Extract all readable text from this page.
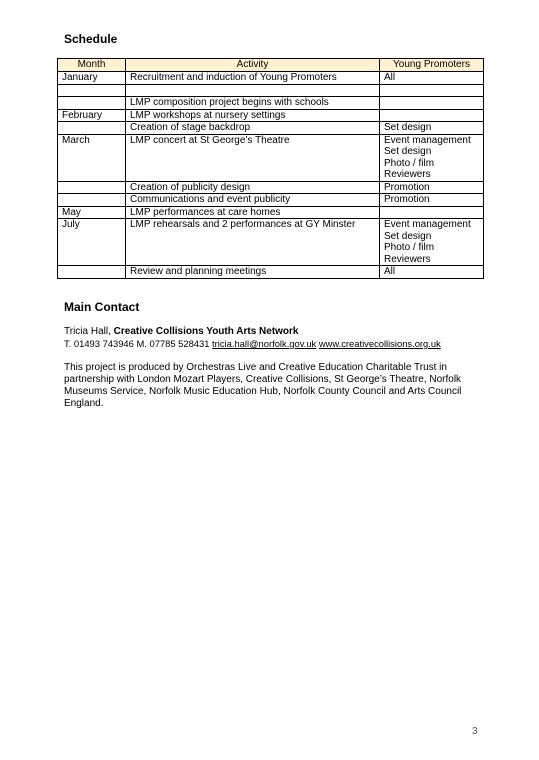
Schedule
Month	Activity	Young Promoters
January	Recruitment and induction of Young Promoters	All

	LMP composition project begins with schools	
February	LMP workshops at nursery settings	
	Creation of stage backdrop	Set design

March	LMP concert at St George’s Theatre	Event management
Set design
Photo / film
Reviewers

	Creation of publicity design	Promotion

	Communications and event publicity	Promotion

May	LMP performances at care homes	
July	LMP rehearsals and 2 performances at GY Minster	Event management
Set design
Photo / film
Reviewers

	Review and planning meetings	All
Main Contact
Tricia Hall, Creative Collisions Youth Arts Network
T. 01493 743946 M. 07785 528431 tricia.hall@norfolk.gov.uk www.creativecollisions.org.uk

This project is produced by Orchestras Live and Creative Education Charitable Trust in partnership with London Mozart Players, Creative Collisions, St George’s Theatre, Norfolk Museums Service, Norfolk Music Education Hub, Norfolk County Council and Arts Council England.

3
